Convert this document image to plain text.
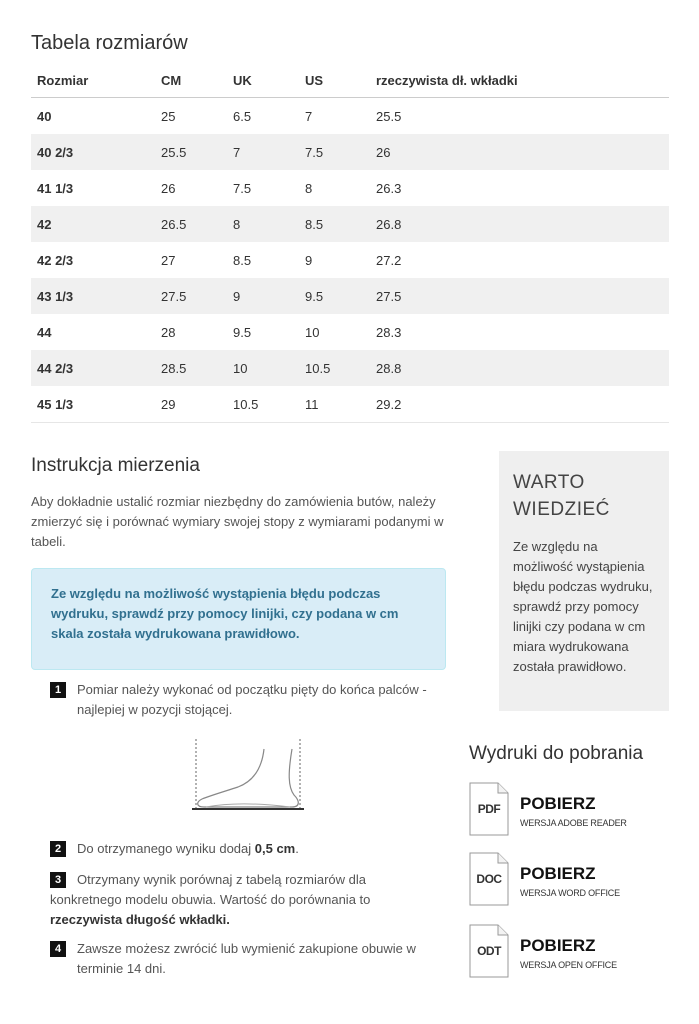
Tabela rozmiarów
Rozmiar	CM	UK	US	rzeczywista dł. wkładki
40	25	6.5	7	25.5
40 2/3	25.5	7	7.5	26
41 1/3	26	7.5	8	26.3
42	26.5	8	8.5	26.8
42 2/3	27	8.5	9	27.2
43 1/3	27.5	9	9.5	27.5
44	28	9.5	10	28.3
44 2/3	28.5	10	10.5	28.8
45 1/3	29	10.5	11	29.2
Instrukcja mierzenia

Aby dokładnie ustalić rozmiar niezbędny do zamówienia butów, należy zmierzyć się i porównać wymiary swojej stopy z wymiarami podanymi w tabeli.

Ze względu na możliwość wystąpienia błędu podczas wydruku, sprawdź przy pomocy linijki, czy podana w cm skala została wydrukowana prawidłowo.
1	Pomiar należy wykonać od początku pięty do końca palców - najlepiej w pozycji stojącej.
2	Do otrzymanego wyniku dodaj 0,5 cm.
3	Otrzymany wynik porównaj z tabelą rozmiarów dla konkretnego modelu obuwia. Wartość do porównania to rzeczywista długość wkładki.
4	Zawsze możesz zwrócić lub wymienić zakupione obuwie w terminie 14 dni.
WARTO
WIEDZIEĆ

Ze względu na możliwość wystąpienia błędu podczas wydruku, sprawdź przy pomocy linijki czy podana w cm miara wydrukowana została prawidłowo.

Wydruki do pobrania
PDF	POBIERZ
WERSJA ADOBE READER
DOC	POBIERZ
WERSJA WORD OFFICE
ODT	POBIERZ
WERSJA OPEN OFFICE
